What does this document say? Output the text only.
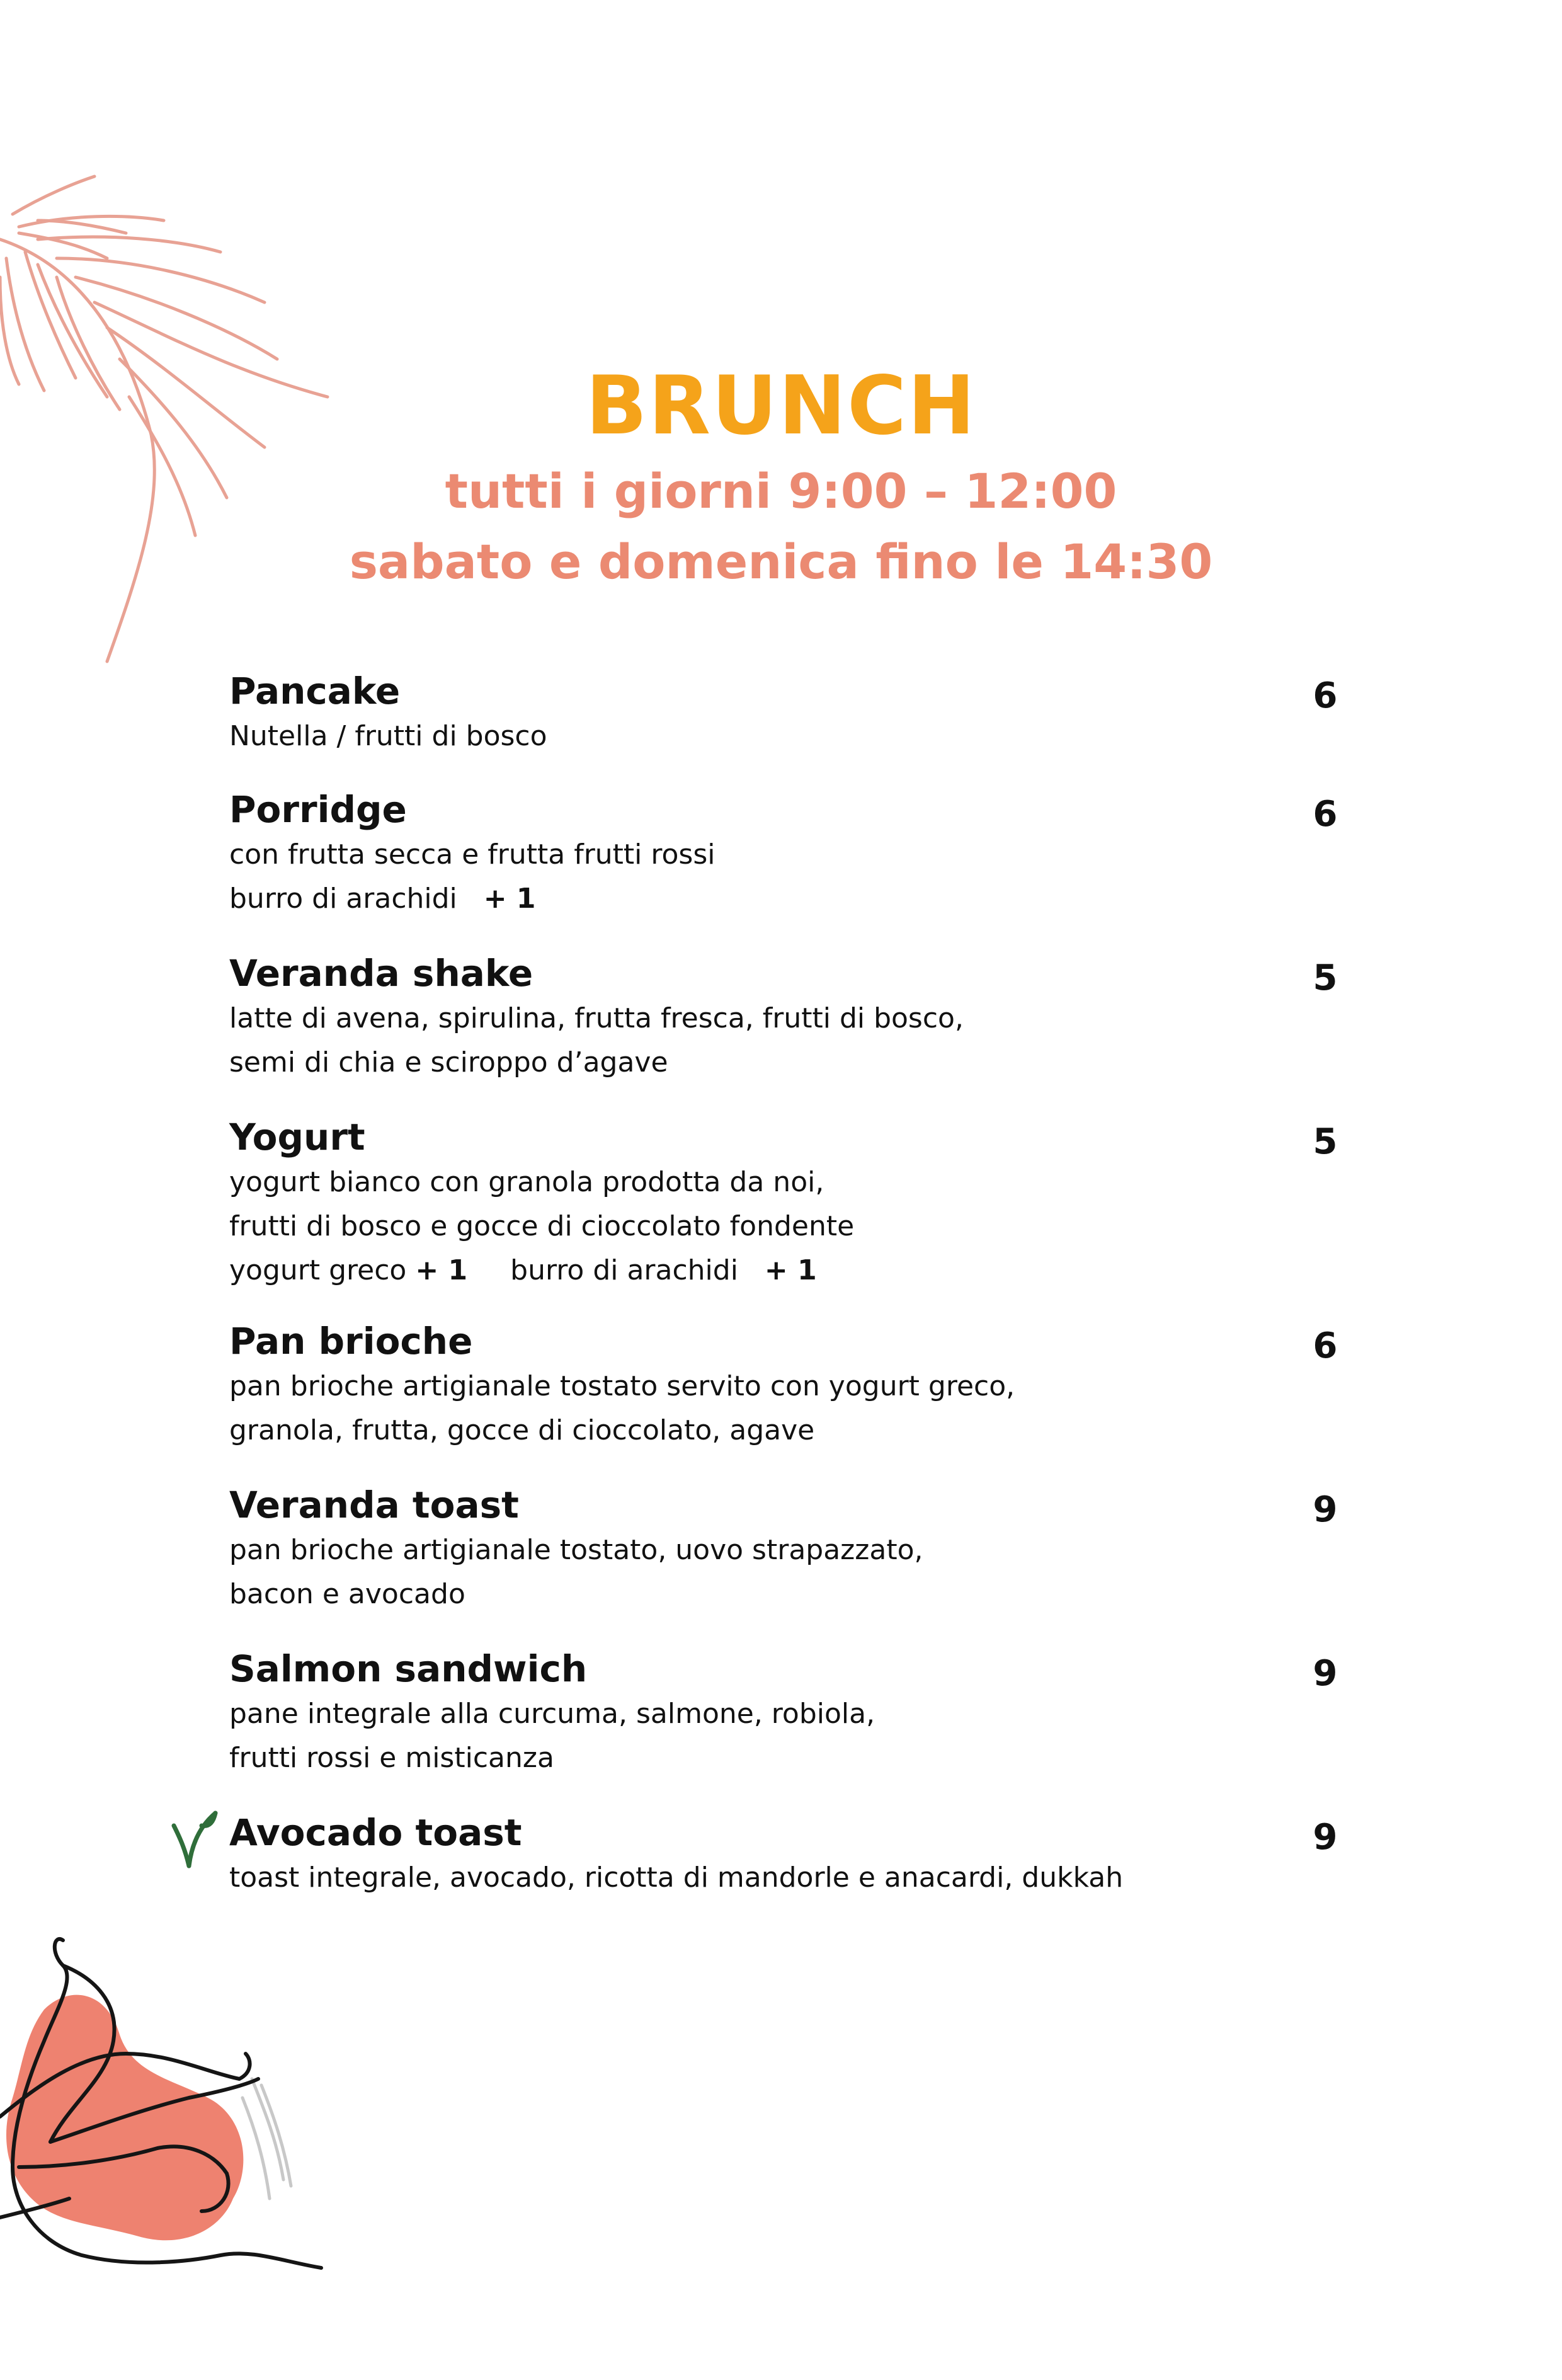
BRUNCH
tutti i giorni 9:00 – 12:00
sabato e domenica fino le 14:30
Pancake
Nutella / frutti di bosco
6
Porridge
con frutta secca e frutta frutti rossi
burro di arachidi + 1
6
Veranda shake
latte di avena, spirulina, frutta fresca, frutti di bosco,
semi di chia e sciroppo d’agave
5
Yogurt
yogurt bianco con granola prodotta da noi,
frutti di bosco e gocce di cioccolato fondente
yogurt greco + 1 burro di arachidi + 1
5
Pan brioche
pan brioche artigianale tostato servito con yogurt greco,
granola, frutta, gocce di cioccolato, agave
6
Veranda toast
pan brioche artigianale tostato, uovo strapazzato,
bacon e avocado
9
Salmon sandwich
pane integrale alla curcuma, salmone, robiola,
frutti rossi e misticanza
9
Avocado toast
toast integrale, avocado, ricotta di mandorle e anacardi, dukkah
9
